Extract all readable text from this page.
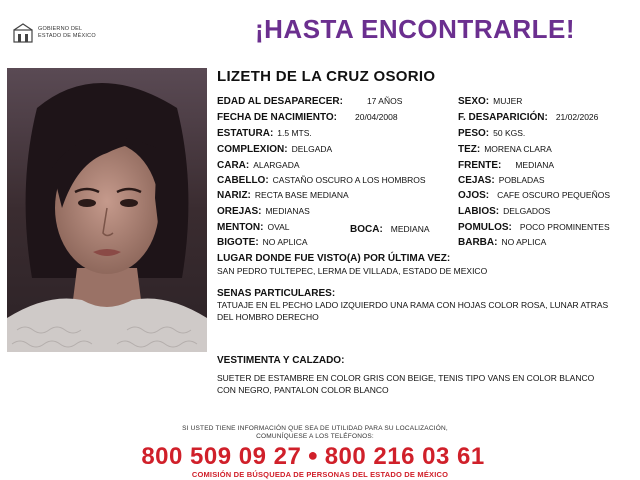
GOBIERNO DEL
ESTADO DE MÉXICO	¡HASTA ENCONTRARLE!
LIZETH DE LA CRUZ OSORIO
EDAD AL DESAPARECER:	17 AÑOS
FECHA DE NACIMIENTO: 20/04/2008
ESTATURA: 1.5 MTS.
COMPLEXION: DELGADA
CARA: ALARGADA
CABELLO: CASTAÑO OSCURO A LOS HOMBROS
NARIZ: RECTA BASE MEDIANA
OREJAS: MEDIANAS
MENTON: OVAL
BIGOTE: NO APLICA
BOCA: MEDIANA
SEXO: MUJER
F. DESAPARICIÓN: 21/02/2026
PESO: 50 KGS.
TEZ: MORENA CLARA
FRENTE: MEDIANA
CEJAS: POBLADAS
OJOS: CAFE OSCURO PEQUEÑOS
LABIOS: DELGADOS
POMULOS: POCO PROMINENTES
BARBA: NO APLICA
LUGAR DONDE FUE VISTO(A) POR ÚLTIMA VEZ:
SAN PEDRO TULTEPEC, LERMA DE VILLADA, ESTADO DE MEXICO
SENAS PARTICULARES:
TATUAJE EN EL PECHO LADO IZQUIERDO UNA RAMA CON HOJAS COLOR ROSA, LUNAR ATRAS DEL HOMBRO DERECHO
VESTIMENTA Y CALZADO:
SUETER DE ESTAMBRE EN COLOR GRIS CON BEIGE, TENIS TIPO VANS EN COLOR BLANCO CON NEGRO, PANTALON COLOR BLANCO
SI USTED TIENE INFORMACIÓN QUE SEA DE UTILIDAD PARA SU LOCALIZACIÓN,
COMUNÍQUESE A LOS TELÉFONOS:
800 509 09 27 ● 800 216 03 61
COMISIÓN DE BÚSQUEDA DE PERSONAS DEL ESTADO DE MÉXICO
